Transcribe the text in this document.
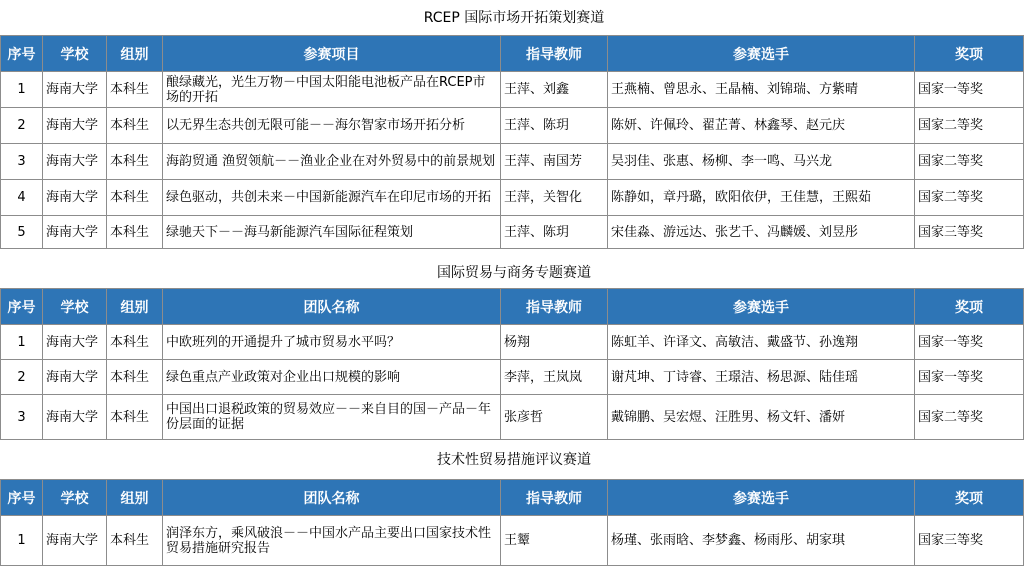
RCEP 国际市场开拓策划赛道
序号	学校	组别	参赛项目	指导教师	参赛选手	奖项
1	海南大学	本科生	酿绿藏光，光生万物－中国太阳能电池板产品在RCEP市场的开拓	王萍、刘鑫	王燕楠、曾思永、王晶楠、刘锦瑞、方紫晴	国家一等奖
2	海南大学	本科生	以无界生态共创无限可能－－海尔智家市场开拓分析	王萍、陈玥	陈妍、许佩玲、翟芷菁、林鑫琴、赵元庆	国家二等奖
3	海南大学	本科生	海韵贸通 渔贸领航－－渔业企业在对外贸易中的前景规划	王萍、南国芳	吴羽佳、张惠、杨柳、李一鸣、马兴龙	国家二等奖
4	海南大学	本科生	绿色驱动，共创未来－中国新能源汽车在印尼市场的开拓	王萍，关智化	陈静如，章丹璐，欧阳依伊，王佳慧，王熙茹	国家二等奖
5	海南大学	本科生	绿驰天下－－海马新能源汽车国际征程策划	王萍、陈玥	宋佳淼、游远达、张艺千、冯麟媛、刘昱彤	国家三等奖
国际贸易与商务专题赛道
序号	学校	组别	团队名称	指导教师	参赛选手	奖项
1	海南大学	本科生	中欧班列的开通提升了城市贸易水平吗？	杨翔	陈虹羊、许译文、高敏洁、戴盛节、孙逸翔	国家一等奖
2	海南大学	本科生	绿色重点产业政策对企业出口规模的影响	李萍，王岚岚	谢芃坤、丁诗睿、王璟洁、杨思源、陆佳瑶	国家一等奖
3	海南大学	本科生	中国出口退税政策的贸易效应－－来自目的国－产品－年份层面的证据	张彦哲	戴锦鹏、吴宏煜、汪胜男、杨文轩、潘妍	国家二等奖
技术性贸易措施评议赛道
序号	学校	组别	团队名称	指导教师	参赛选手	奖项
1	海南大学	本科生	润泽东方，乘风破浪－－中国水产品主要出口国家技术性贸易措施研究报告	王颦	杨瑾、张雨晗、李梦鑫、杨雨彤、胡家琪	国家三等奖
